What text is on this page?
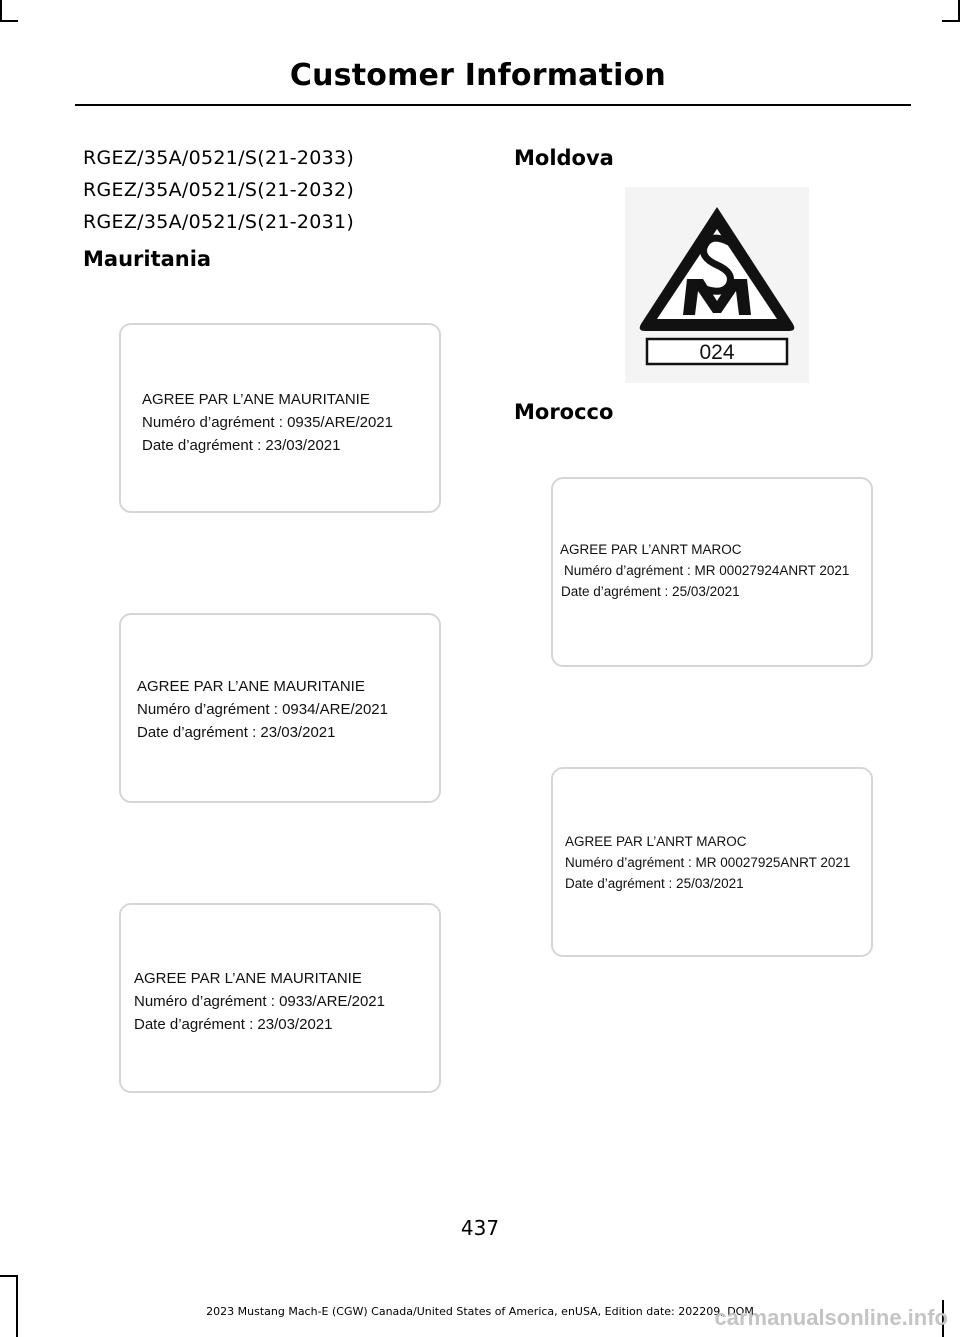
Customer Information
RGEZ/35A/0521/S(21-2033)
RGEZ/35A/0521/S(21-2032)
RGEZ/35A/0521/S(21-2031)
Mauritania
AGREE PAR L’ANE MAURITANIE
Numéro d’agrément : 0935/ARE/2021
Date d’agrément : 23/03/2021
AGREE PAR L’ANE MAURITANIE
Numéro d’agrément : 0934/ARE/2021
Date d’agrément : 23/03/2021
AGREE PAR L’ANE MAURITANIE
Numéro d’agrément : 0933/ARE/2021
Date d’agrément : 23/03/2021
Moldova
024
Morocco
AGREE PAR L’ANRT MAROC
Numéro d’agrément : MR 00027924ANRT 2021
Date d’agrément : 25/03/2021
AGREE PAR L’ANRT MAROC
Numéro d’agrément : MR 00027925ANRT 2021
Date d’agrément : 25/03/2021
437
2023 Mustang Mach-E (CGW) Canada/United States of America, enUSA, Edition date: 202209, DOM
carmanualsonline.info
